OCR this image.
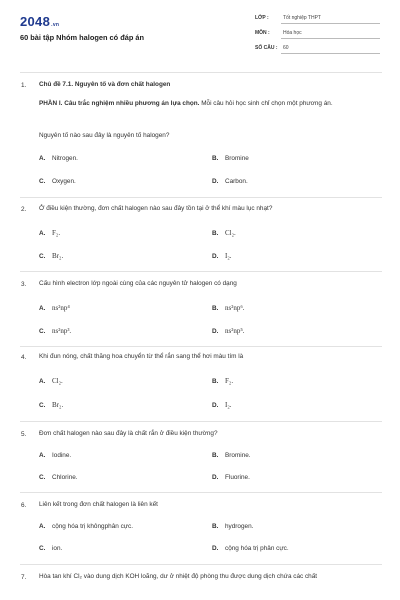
2048.vn
60 bài tập Nhóm halogen có đáp án
LỚP :	Tốt nghiệp THPT
MÔN :	Hóa học
SỐ CÂU : 60
1. Chủ đề 7.1. Nguyên tố và đơn chất halogen
PHẦN I. Câu trắc nghiệm nhiều phương án lựa chọn. Mỗi câu hỏi học sinh chỉ chọn một phương án.
Nguyên tố nào sau đây là nguyên tố halogen?
A. Nitrogen.	B. Bromine
C. Oxygen.	D. Carbon.
2. Ở điều kiện thường, đơn chất halogen nào sau đây tồn tại ở thể khí màu lục nhạt?
A. F₂.	B. Cl₂.
C. Br₂.	D. I₂.
3. Cấu hình electron lớp ngoài cùng của các nguyên tử halogen có dạng
A. ns²np⁴	B. ns²np⁶.
C. ns²np³.	D. ns²np⁵.
4. Khi đun nóng, chất thăng hoa chuyển từ thể rắn sang thể hơi màu tím là
A. Cl₂.	B. F₂.
C. Br₂.	D. I₂.
5. Đơn chất halogen nào sau đây là chất rắn ở điều kiện thường?
A. Iodine.	B. Bromine.
C. Chlorine.	D. Fluorine.
6. Liên kết trong đơn chất halogen là liên kết
A. cộng hóa trị khôngphân cực.	B. hydrogen.
C. ion.	D. cộng hóa trị phân cực.
7. Hòa tan khí Cl₂ vào dung dịch KOH loãng, dư ở nhiệt độ phòng thu được dung dịch chứa các chất
